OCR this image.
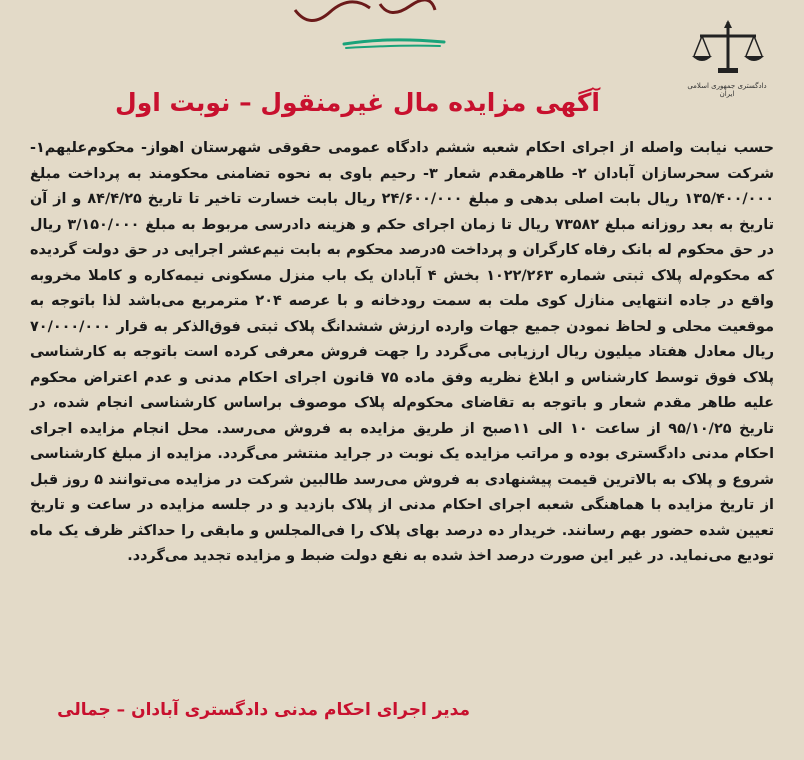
دادگستری جمهوری اسلامی ایران
آگهی مزایده مال غیرمنقول – نوبت اول
حسب نیابت واصله از اجرای احکام شعبه ششم دادگاه عمومی حقوقی شهرستان اهواز- محکوم‌علیهم۱-شرکت سحرسازان آبادان ۲- طاهرمقدم شعار ۳- رحیم باوی به نحوه تضامنی محکومند به پرداخت مبلغ ۱۳۵/۴۰۰/۰۰۰ ریال بابت اصلی بدهی و مبلغ ۲۴/۶۰۰/۰۰۰ ریال بابت خسارت تاخیر تا تاریخ ۸۴/۴/۲۵ و از آن تاریخ به بعد روزانه مبلغ ۷۳۵۸۲ ریال تا زمان اجرای حکم و هزینه دادرسی مربوط به مبلغ ۳/۱۵۰/۰۰۰ ریال در حق محکوم له بانک رفاه کارگران و پرداخت ۵درصد محکوم به بابت نیم‌عشر اجرایی در حق دولت گردیده که محکوم‌له پلاک ثبتی شماره ۱۰۲۲/۲۶۳ بخش ۴ آبادان یک باب منزل مسکونی نیمه‌کاره و کاملا مخروبه واقع در جاده انتهایی منازل کوی ملت به سمت رودخانه و با عرصه ۲۰۴ مترمربع می‌باشد لذا باتوجه به موقعیت محلی و لحاظ نمودن جمیع جهات وارده ارزش ششدانگ پلاک ثبتی فوق‌الذکر به قرار ۷۰/۰۰۰/۰۰۰ ریال معادل هفتاد میلیون ریال ارزیابی می‌گردد را جهت فروش معرفی کرده است باتوجه به کارشناسی پلاک فوق توسط کارشناس و ابلاغ نظریه وفق ماده ۷۵ قانون اجرای احکام مدنی و عدم اعتراض محکوم علیه طاهر مقدم شعار و باتوجه به تقاضای محکوم‌له پلاک موصوف براساس کارشناسی انجام شده، در تاریخ ۹۵/۱۰/۲۵ از ساعت ۱۰ الی ۱۱صبح از طریق مزایده به فروش می‌رسد. محل انجام مزایده اجرای احکام مدنی دادگستری بوده و مراتب مزایده یک نوبت در جراید منتشر می‌گردد. مزایده از مبلغ کارشناسی شروع و پلاک به بالاترین قیمت پیشنهادی به فروش می‌رسد طالبین شرکت در مزایده می‌توانند ۵ روز قبل از تاریخ مزایده با هماهنگی شعبه اجرای احکام مدنی از پلاک بازدید و در جلسه مزایده در ساعت و تاریخ تعیین شده حضور بهم رسانند. خریدار ده درصد بهای پلاک را فی‌المجلس و مابقی را حداکثر ظرف یک ماه تودیع می‌نماید. در غیر این صورت درصد اخذ شده به نفع دولت ضبط و مزایده تجدید می‌گردد.
مدیر اجرای احکام مدنی دادگستری آبادان – جمالی
